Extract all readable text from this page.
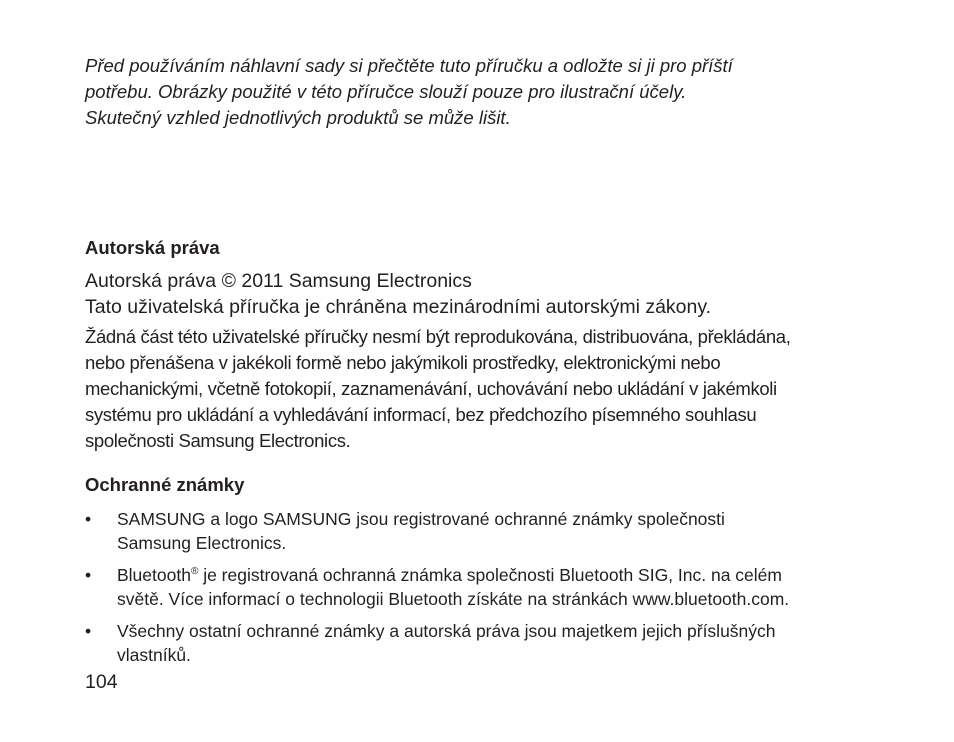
Před používáním náhlavní sady si přečtěte tuto příručku a odložte si ji pro příští
potřebu. Obrázky použité v této příručce slouží pouze pro ilustrační účely.
Skutečný vzhled jednotlivých produktů se může lišit.

Autorská práva

Autorská práva © 2011 Samsung Electronics

Tato uživatelská příručka je chráněna mezinárodními autorskými zákony.

Žádná část této uživatelské příručky nesmí být reprodukována, distribuována, překládána,
nebo přenášena v jakékoli formě nebo jakýmikoli prostředky, elektronickými nebo
mechanickými, včetně fotokopií, zaznamenávání, uchovávání nebo ukládání v jakémkoli
systému pro ukládání a vyhledávání informací, bez předchozího písemného souhlasu
společnosti Samsung Electronics.

Ochranné známky
• SAMSUNG a logo SAMSUNG jsou registrované ochranné známky společnosti
Samsung Electronics.
• Bluetooth® je registrovaná ochranná známka společnosti Bluetooth SIG, Inc. na celém
světě. Více informací o technologii Bluetooth získáte na stránkách www.bluetooth.com.
• Všechny ostatní ochranné známky a autorská práva jsou majetkem jejich příslušných
vlastníků.

104
